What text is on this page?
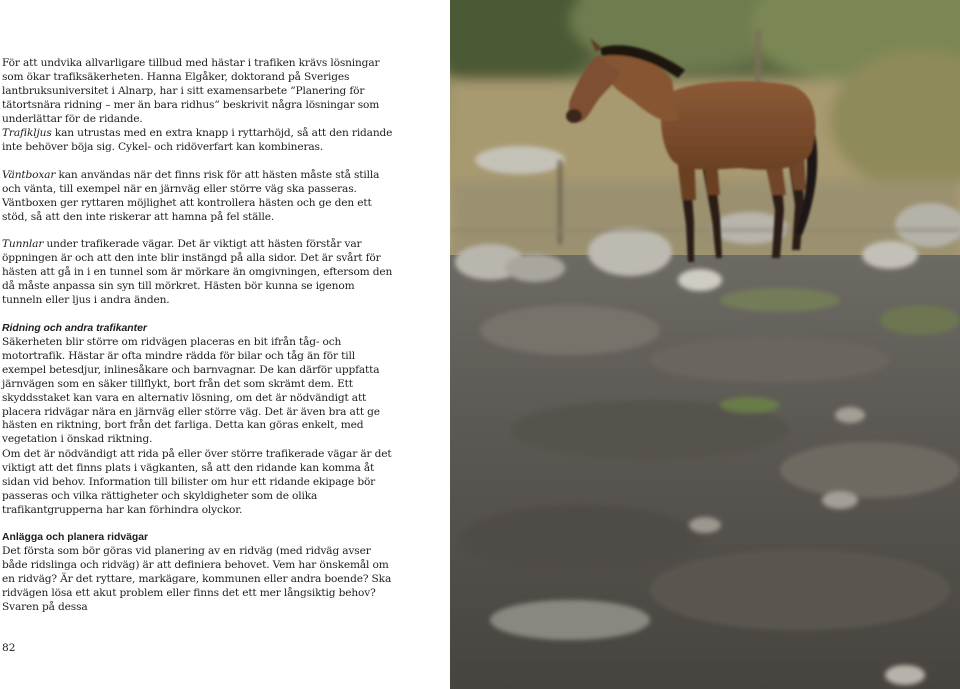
För att undvika allvarligare tillbud med hästar i trafiken krävs lösningar som ökar trafiksäkerheten. Hanna Elgåker, doktorand på Sveriges lantbruksuniversitet i Alnarp, har i sitt examensarbete ”Planering för tätortsnära ridning – mer än bara ridhus” beskrivit några lösningar som underlättar för de ridande.

Trafikljus kan utrustas med en extra knapp i ryttarhöjd, så att den ridande inte behöver böja sig. Cykel- och ridöverfart kan kombineras.

Väntboxar kan användas när det finns risk för att hästen måste stå stilla och vänta, till exempel när en järnväg eller större väg ska passeras. Väntboxen ger ryttaren möjlighet att kontrollera hästen och ge den ett stöd, så att den inte riskerar att hamna på fel ställe.

Tunnlar under trafikerade vägar. Det är viktigt att hästen förstår var öppningen är och att den inte blir instängd på alla sidor. Det är svårt för hästen att gå in i en tunnel som är mörkare än omgivningen, eftersom den då måste anpassa sin syn till mörkret. Hästen bör kunna se igenom tunneln eller ljus i andra änden.

Ridning och andra trafikanter

Säkerheten blir större om ridvägen placeras en bit ifrån tåg- och motortrafik. Hästar är ofta mindre rädda för bilar och tåg än för till exempel betesdjur, inlinesåkare och barnvagnar. De kan därför uppfatta järnvägen som en säker tillflykt, bort från det som skrämt dem. Ett skyddsstaket kan vara en alternativ lösning, om det är nödvändigt att placera ridvägar nära en järnväg eller större väg. Det är även bra att ge hästen en riktning, bort från det farliga. Detta kan göras enkelt, med vegetation i önskad riktning.

Om det är nödvändigt att rida på eller över större trafikerade vägar är det viktigt att det finns plats i vägkanten, så att den ridande kan komma åt sidan vid behov. Information till bilister om hur ett ridande ekipage bör passeras och vilka rättigheter och skyldigheter som de olika trafikantgrupperna har kan förhindra olyckor.

Anlägga och planera ridvägar

Det första som bör göras vid planering av en ridväg (med ridväg avser både ridslinga och ridväg) är att definiera behovet. Vem har önskemål om en ridväg? Är det ryttare, markägare, kommunen eller andra boende? Ska ridvägen lösa ett akut problem eller finns det ett mer långsiktig behov? Svaren på dessa

82
